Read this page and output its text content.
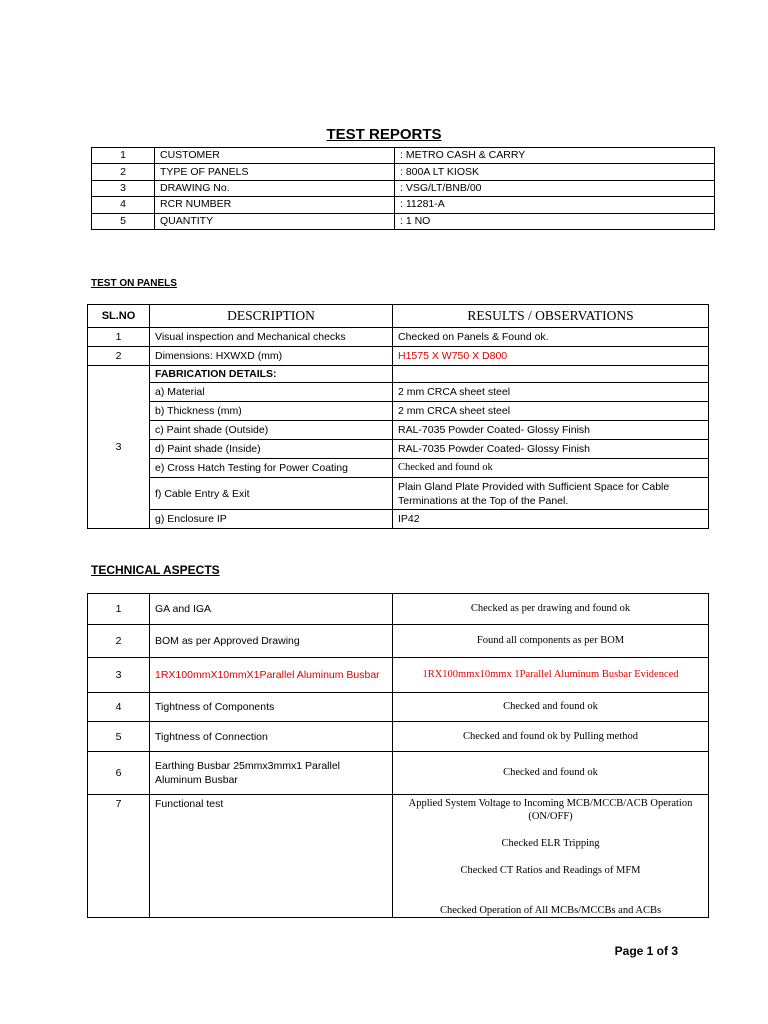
TEST REPORTS
1	CUSTOMER	: METRO CASH & CARRY
2	TYPE OF PANELS	: 800A LT KIOSK
3	DRAWING No.	: VSG/LT/BNB/00
4	RCR NUMBER	: 11281-A
5	QUANTITY	: 1 NO
TEST ON PANELS
SL.NO	DESCRIPTION	RESULTS / OBSERVATIONS
1	Visual inspection and Mechanical checks	Checked on Panels & Found ok.
2	Dimensions: HXWXD (mm)	H1575 X W750 X D800
3	FABRICATION DETAILS:	
	a) Material	2 mm CRCA sheet steel
	b) Thickness (mm)	2 mm CRCA sheet steel
	c) Paint shade (Outside)	RAL-7035 Powder Coated- Glossy Finish
	d) Paint shade (Inside)	RAL-7035 Powder Coated- Glossy Finish
	e) Cross Hatch Testing for Power Coating	Checked and found ok
	f) Cable Entry & Exit	Plain Gland Plate Provided with Sufficient Space for Cable Terminations at the Top of the Panel.
	g) Enclosure IP	IP42
TECHNICAL ASPECTS
1	GA and IGA	Checked as per drawing and found ok
2	BOM as per Approved Drawing	Found all components as per BOM
3	1RX100mmX10mmX1Parallel Aluminum Busbar	1RX100mmx10mmx 1Parallel Aluminum Busbar Evidenced
4	Tightness of Components	Checked and found ok
5	Tightness of Connection	Checked and found ok by Pulling method
6	Earthing Busbar 25mmx3mmx1 Parallel Aluminum Busbar	Checked and found ok
7	Functional test	Applied System Voltage to Incoming MCB/MCCB/ACB Operation (ON/OFF)
Checked ELR Tripping
Checked CT Ratios and Readings of MFM
Checked Operation of All MCBs/MCCBs and ACBs
Page 1 of 3
